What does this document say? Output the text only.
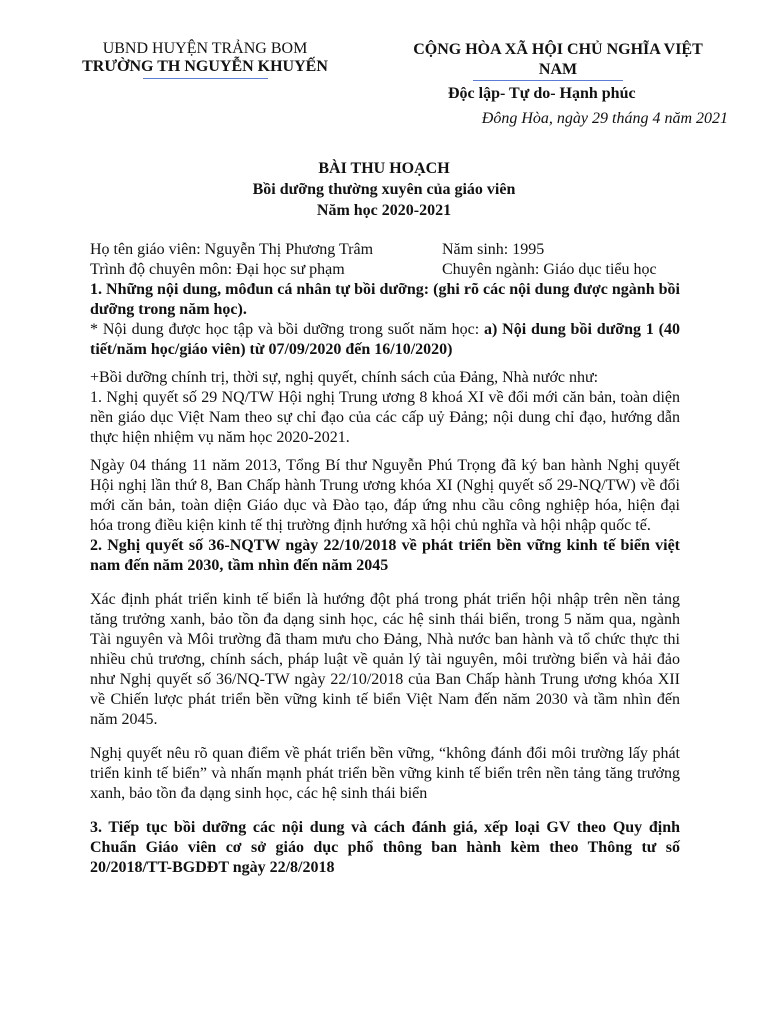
UBND HUYỆN TRẢNG BOM
TRƯỜNG TH NGUYỄN KHUYẾN
CỘNG HÒA XÃ HỘI CHỦ NGHĨA VIỆT
NAM
Độc lập- Tự do- Hạnh phúc
Đông Hòa, ngày 29 tháng 4 năm 2021
BÀI THU HOẠCH
Bồi dưỡng thường xuyên của giáo viên
Năm học 2020-2021
Họ tên giáo viên: Nguyễn Thị Phương Trâm	Năm sinh: 1995
Trình độ chuyên môn: Đại học sư phạm	Chuyên ngành: Giáo dục tiểu học

1. Những nội dung, môđun cá nhân tự bồi dưỡng: (ghi rõ các nội dung được ngành bồi dưỡng trong năm học).

* Nội dung được học tập và bồi dưỡng trong suốt năm học: a) Nội dung bồi dưỡng 1 (40 tiết/năm học/giáo viên) từ 07/09/2020 đến 16/10/2020)

+Bồi dưỡng chính trị, thời sự, nghị quyết, chính sách của Đảng, Nhà nước như:

1. Nghị quyết số 29 NQ/TW Hội nghị Trung ương 8 khoá XI về đổi mới căn bản, toàn diện nền giáo dục Việt Nam theo sự chỉ đạo của các cấp uỷ Đảng; nội dung chỉ đạo, hướng dẫn thực hiện nhiệm vụ năm học 2020-2021.

Ngày 04 tháng 11 năm 2013, Tổng Bí thư Nguyễn Phú Trọng đã ký ban hành Nghị quyết Hội nghị lần thứ 8, Ban Chấp hành Trung ương khóa XI (Nghị quyết số 29-NQ/TW) về đổi mới căn bản, toàn diện Giáo dục và Đào tạo, đáp ứng nhu cầu công nghiệp hóa, hiện đại hóa trong điều kiện kinh tế thị trường định hướng xã hội chủ nghĩa và hội nhập quốc tế.

2. Nghị quyết số 36-NQTW ngày 22/10/2018 về phát triển bền vững kinh tế biển việt nam đến năm 2030, tầm nhìn đến năm 2045

Xác định phát triển kinh tế biển là hướng đột phá trong phát triển hội nhập trên nền tảng tăng trưởng xanh, bảo tồn đa dạng sinh học, các hệ sinh thái biển, trong 5 năm qua, ngành Tài nguyên và Môi trường đã tham mưu cho Đảng, Nhà nước ban hành và tổ chức thực thi nhiều chủ trương, chính sách, pháp luật về quản lý tài nguyên, môi trường biển và hải đảo như Nghị quyết số 36/NQ-TW ngày 22/10/2018 của Ban Chấp hành Trung ương khóa XII về Chiến lược phát triển bền vững kinh tế biển Việt Nam đến năm 2030 và tầm nhìn đến năm 2045.

Nghị quyết nêu rõ quan điểm về phát triển bền vững, “không đánh đổi môi trường lấy phát triển kinh tế biển” và nhấn mạnh phát triển bền vững kinh tế biển trên nền tảng tăng trưởng xanh, bảo tồn đa dạng sinh học, các hệ sinh thái biển

3. Tiếp tục bồi dưỡng các nội dung và cách đánh giá, xếp loại GV theo Quy định Chuẩn Giáo viên cơ sở giáo dục phổ thông ban hành kèm theo Thông tư số 20/2018/TT-BGDĐT ngày 22/8/2018
